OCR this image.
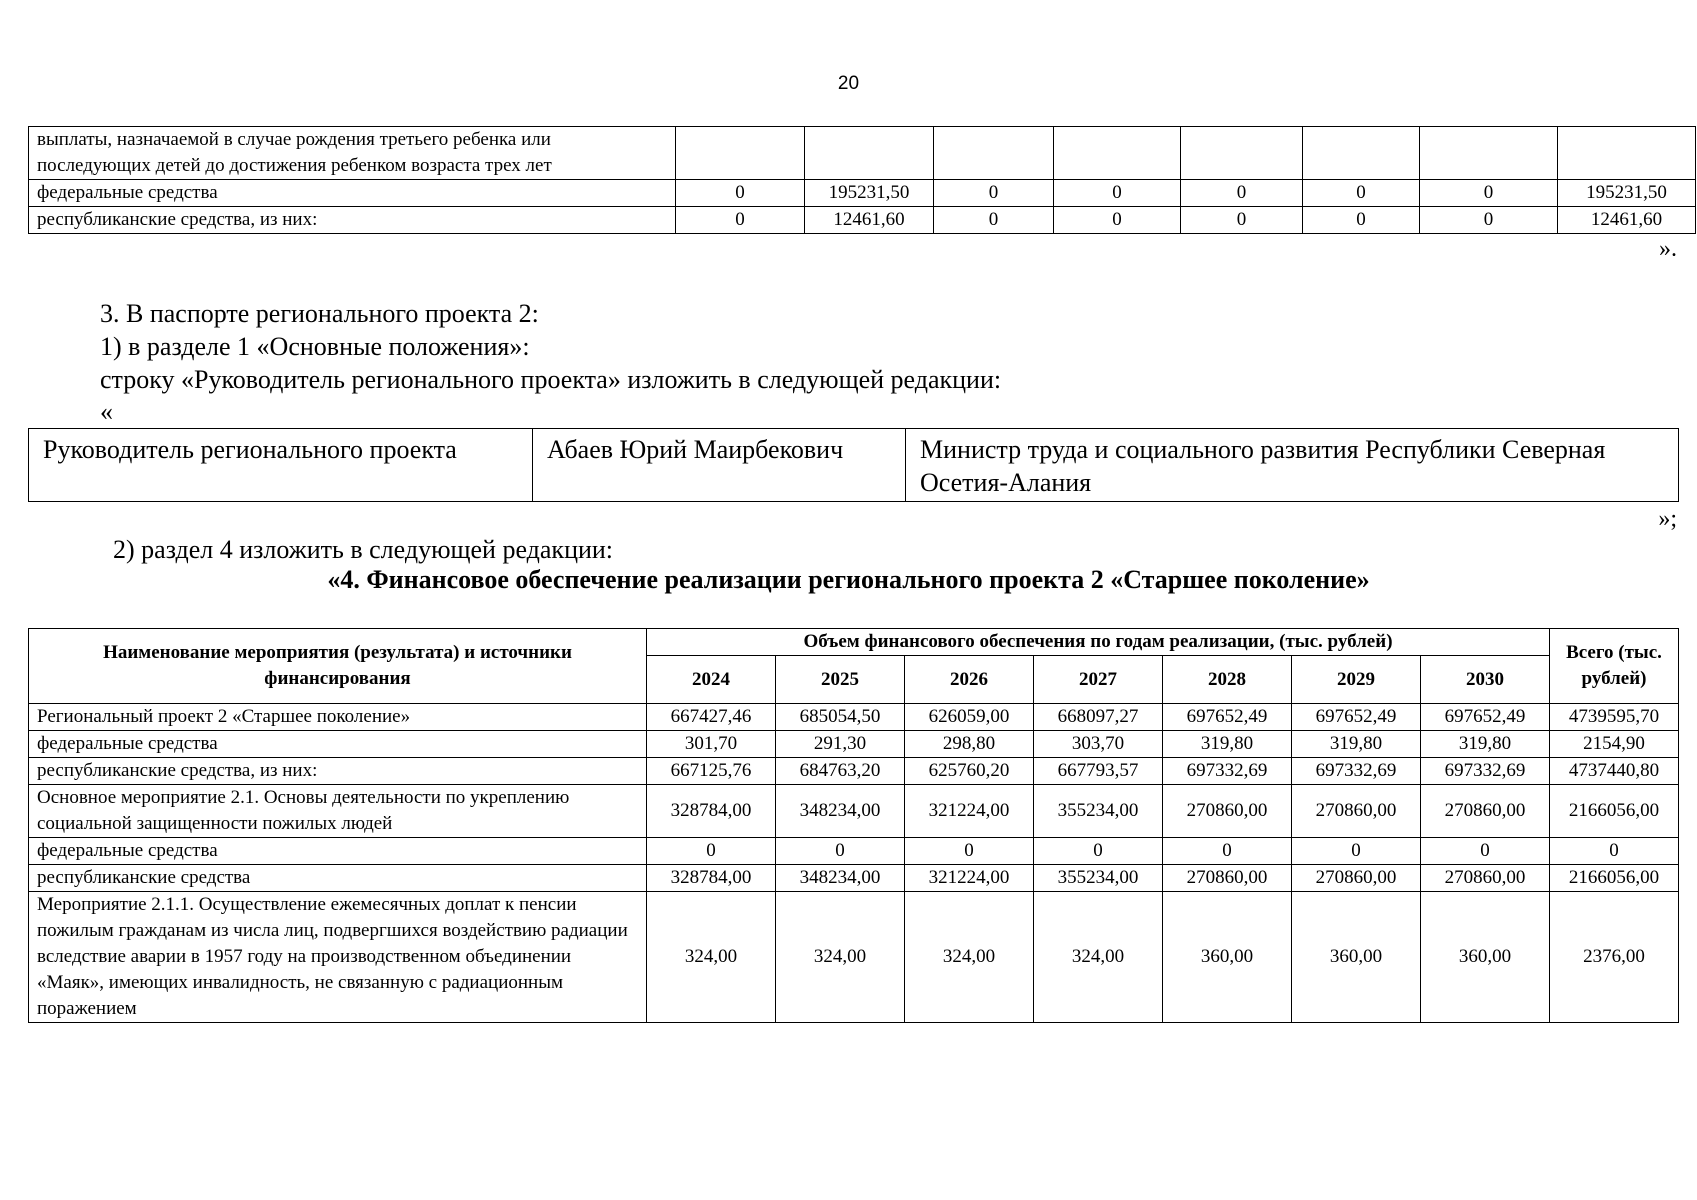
20
выплаты, назначаемой в случае рождения третьего ребенка или последующих детей до достижения ребенком возраста трех лет								
федеральные средства	0	195231,50	0	0	0	0	0	195231,50
республиканские средства, из них:	0	12461,60	0	0	0	0	0	12461,60
».
3. В паспорте регионального проекта 2:
1) в разделе 1 «Основные положения»:
строку «Руководитель регионального проекта» изложить в следующей редакции:
«
Руководитель регионального проекта	Абаев Юрий Маирбекович	Министр труда и социального развития Республики Северная Осетия-Алания
»;
2) раздел 4 изложить в следующей редакции:
«4. Финансовое обеспечение реализации регионального проекта 2 «Старшее поколение»
Наименование мероприятия (результата) и источники финансирования	Объем финансового обеспечения по годам реализации, (тыс. рублей)							Всего (тыс. рублей)
	2024	2025	2026	2027	2028	2029	2030	
Региональный проект 2 «Старшее поколение»	667427,46	685054,50	626059,00	668097,27	697652,49	697652,49	697652,49	4739595,70
федеральные средства	301,70	291,30	298,80	303,70	319,80	319,80	319,80	2154,90
республиканские средства, из них:	667125,76	684763,20	625760,20	667793,57	697332,69	697332,69	697332,69	4737440,80
Основное мероприятие 2.1. Основы деятельности по укреплению социальной защищенности пожилых людей	328784,00	348234,00	321224,00	355234,00	270860,00	270860,00	270860,00	2166056,00
федеральные средства	0	0	0	0	0	0	0	0
республиканские средства	328784,00	348234,00	321224,00	355234,00	270860,00	270860,00	270860,00	2166056,00
Мероприятие 2.1.1. Осуществление ежемесячных доплат к пенсии пожилым гражданам из числа лиц, подвергшихся воздействию радиации вследствие аварии в 1957 году на производственном объединении «Маяк», имеющих инвалидность, не связанную с радиационным поражением	324,00	324,00	324,00	324,00	360,00	360,00	360,00	2376,00
